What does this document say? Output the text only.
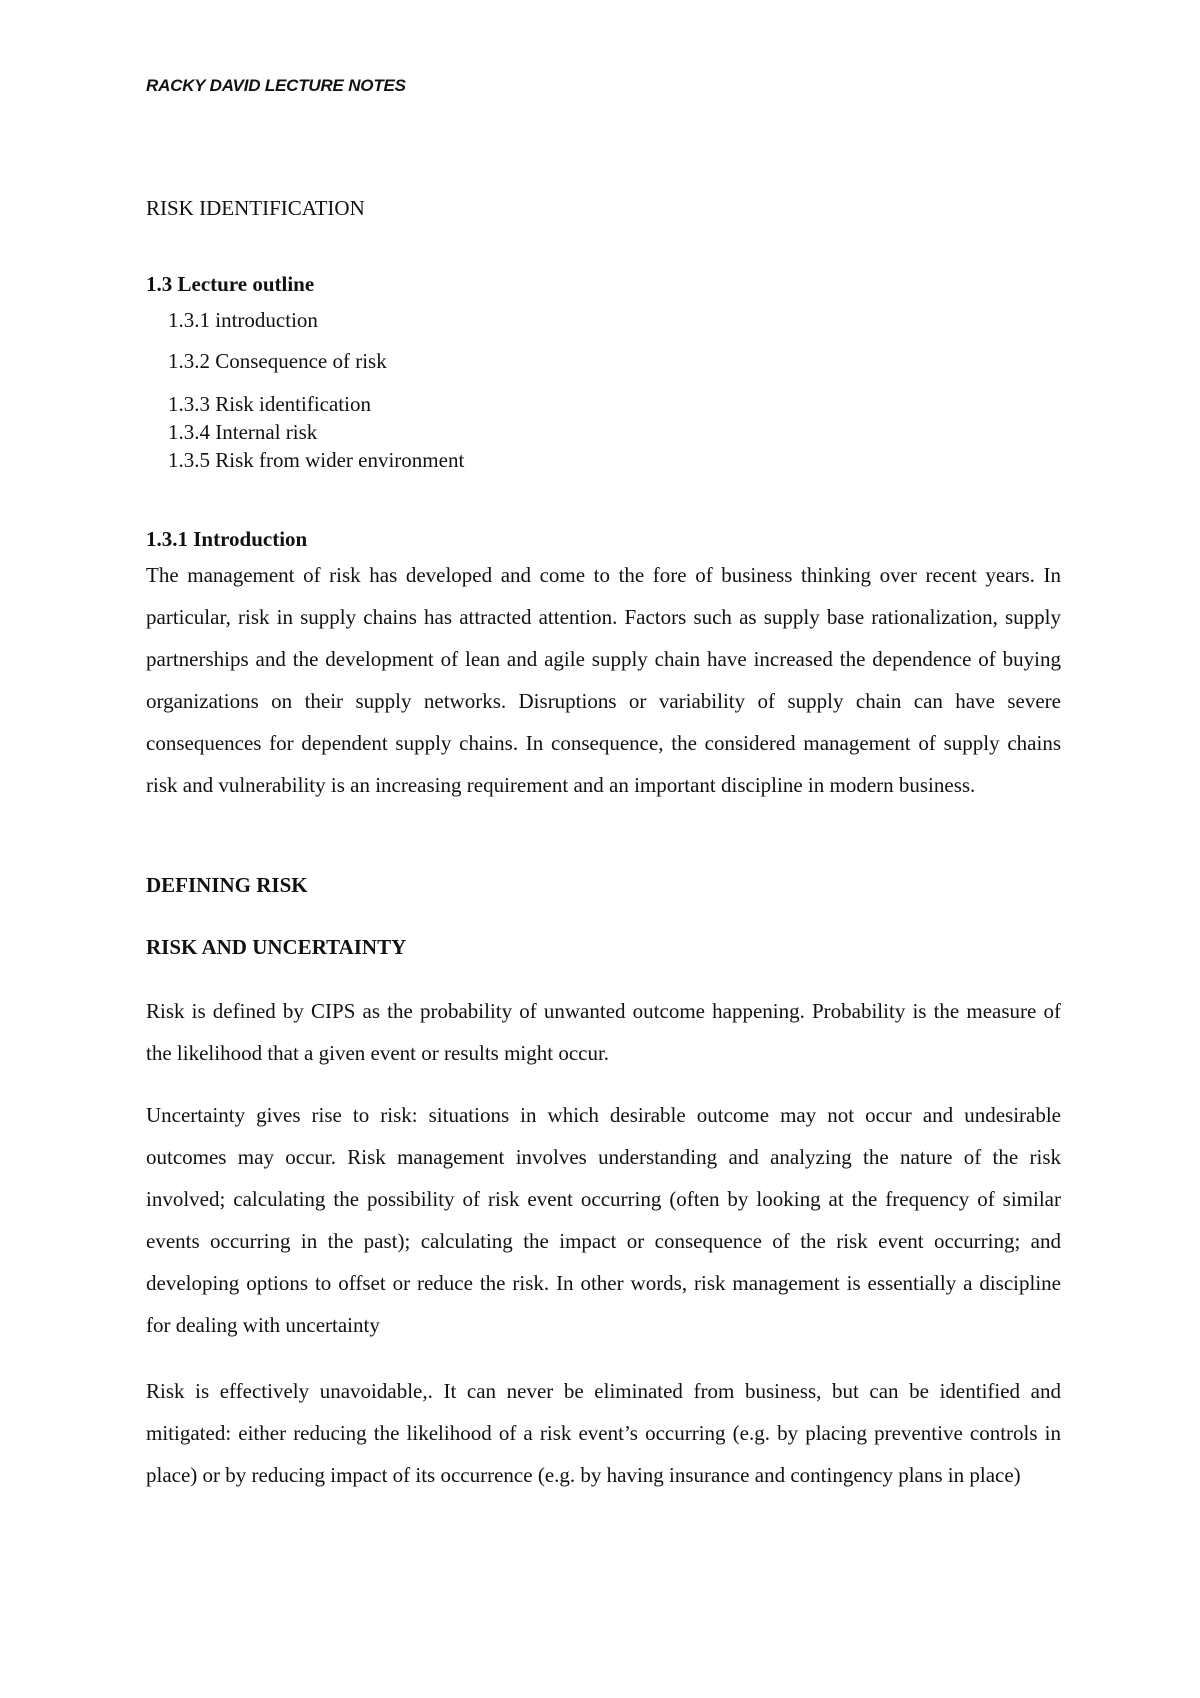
RACKY DAVID LECTURE NOTES
RISK IDENTIFICATION
1.3 Lecture outline
1.3.1 introduction
1.3.2 Consequence of risk
1.3.3 Risk identification
1.3.4 Internal risk
1.3.5 Risk from wider environment
1.3.1 Introduction

The management of risk has developed and come to the fore of business thinking over recent years. In particular, risk in supply chains has attracted attention. Factors such as supply base rationalization, supply partnerships and the development of lean and agile supply chain have increased the dependence of buying organizations on their supply networks. Disruptions or variability of supply chain can have severe consequences for dependent supply chains. In consequence, the considered management of supply chains risk and vulnerability is an increasing requirement and an important discipline in modern business.

DEFINING RISK
RISK AND UNCERTAINTY

Risk is defined by CIPS as the probability of unwanted outcome happening. Probability is the measure of the likelihood that a given event or results might occur.

Uncertainty gives rise to risk: situations in which desirable outcome may not occur and undesirable outcomes may occur. Risk management involves understanding and analyzing the nature of the risk involved; calculating the possibility of risk event occurring (often by looking at the frequency of similar events occurring in the past); calculating the impact or consequence of the risk event occurring; and developing options to offset or reduce the risk. In other words, risk management is essentially a discipline for dealing with uncertainty

Risk is effectively unavoidable,. It can never be eliminated from business, but can be identified and mitigated: either reducing the likelihood of a risk event’s occurring (e.g. by placing preventive controls in place) or by reducing impact of its occurrence (e.g. by having insurance and contingency plans in place)
